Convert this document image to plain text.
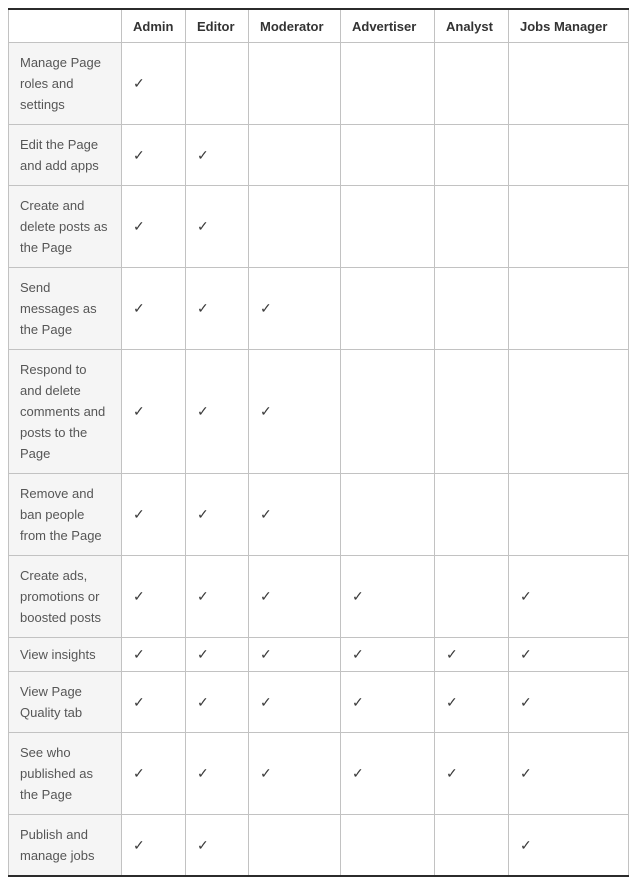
	Admin	Editor	Moderator	Advertiser	Analyst	Jobs Manager
Manage Page roles and settings	✓					
Edit the Page and add apps	✓	✓				
Create and delete posts as the Page	✓	✓				
Send messages as the Page	✓	✓	✓			
Respond to and delete comments and posts to the Page	✓	✓	✓			
Remove and ban people from the Page	✓	✓	✓			
Create ads, promotions or boosted posts	✓	✓	✓	✓		✓
View insights	✓	✓	✓	✓	✓	✓
View Page Quality tab	✓	✓	✓	✓	✓	✓
See who published as the Page	✓	✓	✓	✓	✓	✓
Publish and manage jobs	✓	✓				✓
